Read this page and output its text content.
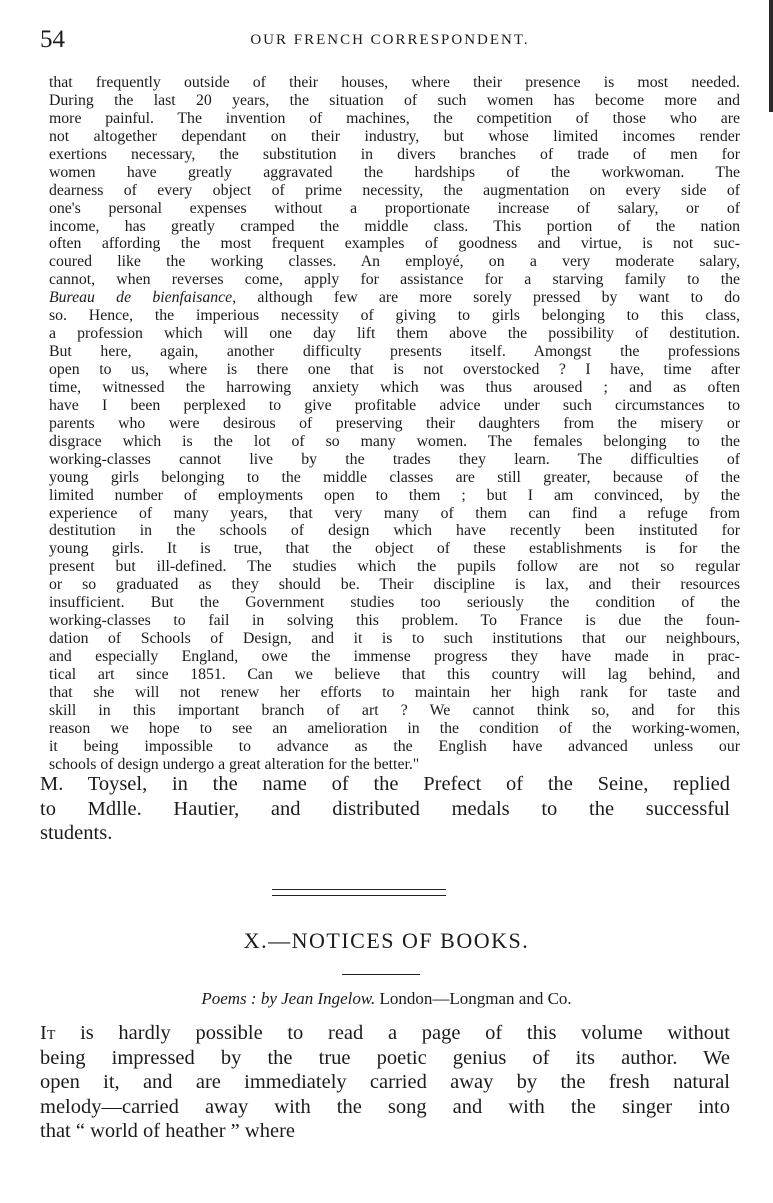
54	OUR FRENCH CORRESPONDENT.
that frequently outside of their houses, where their presence is most needed.
During the last 20 years, the situation of such women has become more and
more painful. The invention of machines, the competition of those who are
not altogether dependant on their industry, but whose limited incomes render
exertions necessary, the substitution in divers branches of trade of men for
women have greatly aggravated the hardships of the workwoman. The
dearness of every object of prime necessity, the augmentation on every side of
one's personal expenses without a proportionate increase of salary, or of
income, has greatly cramped the middle class. This portion of the nation
often affording the most frequent examples of goodness and virtue, is not suc-
coured like the working classes. An employé, on a very moderate salary,
cannot, when reverses come, apply for assistance for a starving family to the
Bureau de bienfaisance, although few are more sorely pressed by want to do
so. Hence, the imperious necessity of giving to girls belonging to this class,
a profession which will one day lift them above the possibility of destitution.
But here, again, another difficulty presents itself. Amongst the professions
open to us, where is there one that is not overstocked ? I have, time after
time, witnessed the harrowing anxiety which was thus aroused ; and as often
have I been perplexed to give profitable advice under such circumstances to
parents who were desirous of preserving their daughters from the misery or
disgrace which is the lot of so many women. The females belonging to the
working-classes cannot live by the trades they learn. The difficulties of
young girls belonging to the middle classes are still greater, because of the
limited number of employments open to them ; but I am convinced, by the
experience of many years, that very many of them can find a refuge from
destitution in the schools of design which have recently been instituted for
young girls. It is true, that the object of these establishments is for the
present but ill-defined. The studies which the pupils follow are not so regular
or so graduated as they should be. Their discipline is lax, and their resources
insufficient. But the Government studies too seriously the condition of the
working-classes to fail in solving this problem. To France is due the foun-
dation of Schools of Design, and it is to such institutions that our neighbours,
and especially England, owe the immense progress they have made in prac-
tical art since 1851. Can we believe that this country will lag behind, and
that she will not renew her efforts to maintain her high rank for taste and
skill in this important branch of art ? We cannot think so, and for this
reason we hope to see an amelioration in the condition of the working-women,
it being impossible to advance as the English have advanced unless our
schools of design undergo a great alteration for the better."
M. Toysel, in the name of the Prefect of the Seine, replied
to Mdlle. Hautier, and distributed medals to the successful
students.
X.—NOTICES OF BOOKS.
Poems : by Jean Ingelow. London—Longman and Co.
It is hardly possible to read a page of this volume without
being impressed by the true poetic genius of its author. We
open it, and are immediately carried away by the fresh natural
melody—carried away with the song and with the singer into
that “ world of heather ” where
